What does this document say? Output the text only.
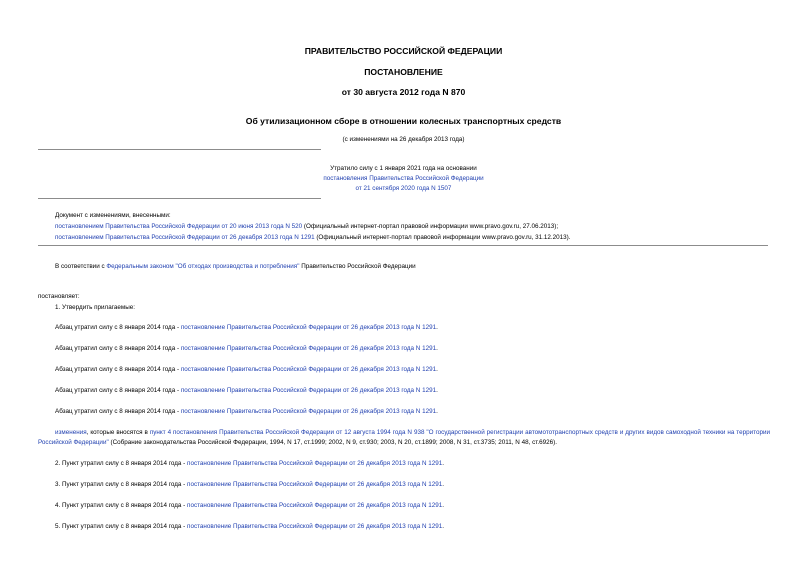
ПРАВИТЕЛЬСТВО РОССИЙСКОЙ ФЕДЕРАЦИИ
ПОСТАНОВЛЕНИЕ
от 30 августа 2012 года N 870
Об утилизационном сборе в отношении колесных транспортных средств
(с изменениями на 26 декабря 2013 года)
Утратило силу с 1 января 2021 года на основании
постановления Правительства Российской Федерации
от 21 сентября 2020 года N 1507
Документ с изменениями, внесенными:
постановлением Правительства Российской Федерации от 20 июня 2013 года N 520 (Официальный интернет-портал правовой информации www.pravo.gov.ru, 27.06.2013);
постановлением Правительства Российской Федерации от 26 декабря 2013 года N 1291 (Официальный интернет-портал правовой информации www.pravo.gov.ru, 31.12.2013).
В соответствии с Федеральным законом "Об отходах производства и потребления" Правительство Российской Федерации
постановляет:
1. Утвердить прилагаемые:
Абзац утратил силу с 8 января 2014 года - постановление Правительства Российской Федерации от 26 декабря 2013 года N 1291.
Абзац утратил силу с 8 января 2014 года - постановление Правительства Российской Федерации от 26 декабря 2013 года N 1291.
Абзац утратил силу с 8 января 2014 года - постановление Правительства Российской Федерации от 26 декабря 2013 года N 1291.
Абзац утратил силу с 8 января 2014 года - постановление Правительства Российской Федерации от 26 декабря 2013 года N 1291.
Абзац утратил силу с 8 января 2014 года - постановление Правительства Российской Федерации от 26 декабря 2013 года N 1291.
изменения, которые вносятся в пункт 4 постановления Правительства Российской Федерации от 12 августа 1994 года N 938 "О государственной регистрации автомототранспортных средств и других видов самоходной техники на территории Российской Федерации" (Собрание законодательства Российской Федерации, 1994, N 17, ст.1999; 2002, N 9, ст.930; 2003, N 20, ст.1899; 2008, N 31, ст.3735; 2011, N 48, ст.6926).
2. Пункт утратил силу с 8 января 2014 года - постановление Правительства Российской Федерации от 26 декабря 2013 года N 1291.
3. Пункт утратил силу с 8 января 2014 года - постановление Правительства Российской Федерации от 26 декабря 2013 года N 1291.
4. Пункт утратил силу с 8 января 2014 года - постановление Правительства Российской Федерации от 26 декабря 2013 года N 1291.
5. Пункт утратил силу с 8 января 2014 года - постановление Правительства Российской Федерации от 26 декабря 2013 года N 1291.
